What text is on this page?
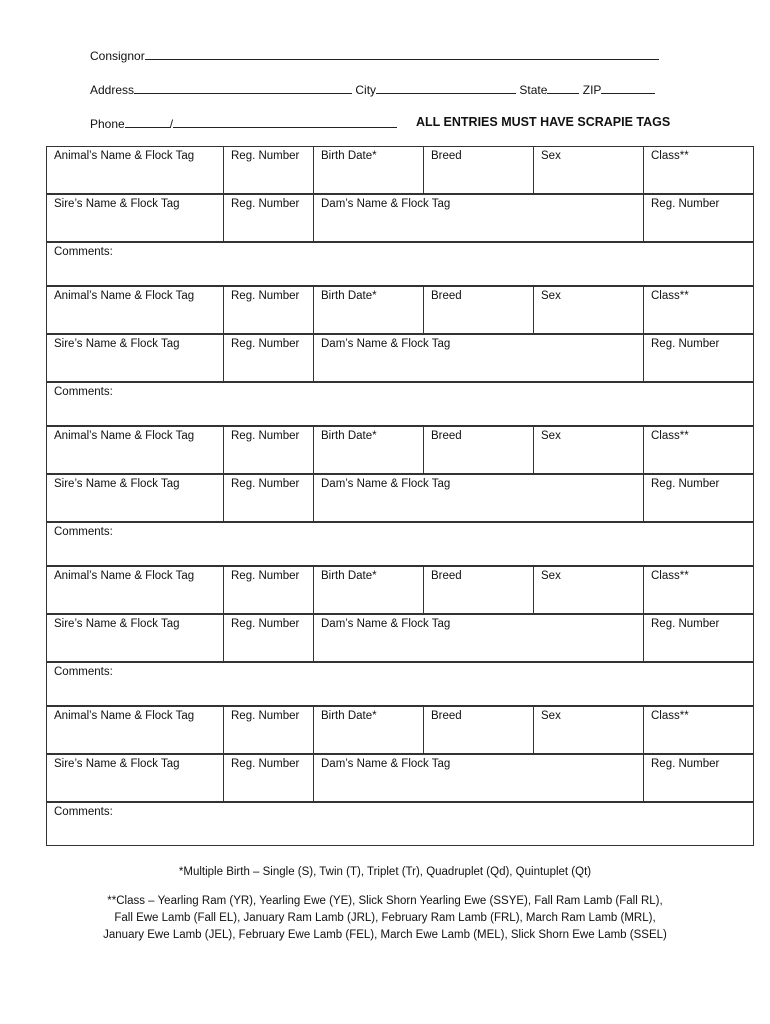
Consignor
Address	City	State	ZIP
Phone	/	ALL ENTRIES MUST HAVE SCRAPIE TAGS
Animal’s Name & Flock Tag	Reg. Number	Birth Date*	Breed	Sex	Class**
Sire’s Name & Flock Tag	Reg. Number	Dam’s Name & Flock Tag	Reg. Number
Comments:
Animal’s Name & Flock Tag	Reg. Number	Birth Date*	Breed	Sex	Class**
Sire’s Name & Flock Tag	Reg. Number	Dam’s Name & Flock Tag	Reg. Number
Comments:
Animal’s Name & Flock Tag	Reg. Number	Birth Date*	Breed	Sex	Class**
Sire’s Name & Flock Tag	Reg. Number	Dam’s Name & Flock Tag	Reg. Number
Comments:
Animal’s Name & Flock Tag	Reg. Number	Birth Date*	Breed	Sex	Class**
Sire’s Name & Flock Tag	Reg. Number	Dam’s Name & Flock Tag	Reg. Number
Comments:
Animal’s Name & Flock Tag	Reg. Number	Birth Date*	Breed	Sex	Class**
Sire’s Name & Flock Tag	Reg. Number	Dam’s Name & Flock Tag	Reg. Number
Comments:
*Multiple Birth – Single (S), Twin (T), Triplet (Tr), Quadruplet (Qd), Quintuplet (Qt)
**Class – Yearling Ram (YR), Yearling Ewe (YE), Slick Shorn Yearling Ewe (SSYE), Fall Ram Lamb (Fall RL),
Fall Ewe Lamb (Fall EL), January Ram Lamb (JRL), February Ram Lamb (FRL), March Ram Lamb (MRL),
January Ewe Lamb (JEL), February Ewe Lamb (FEL), March Ewe Lamb (MEL), Slick Shorn Ewe Lamb (SSEL)
